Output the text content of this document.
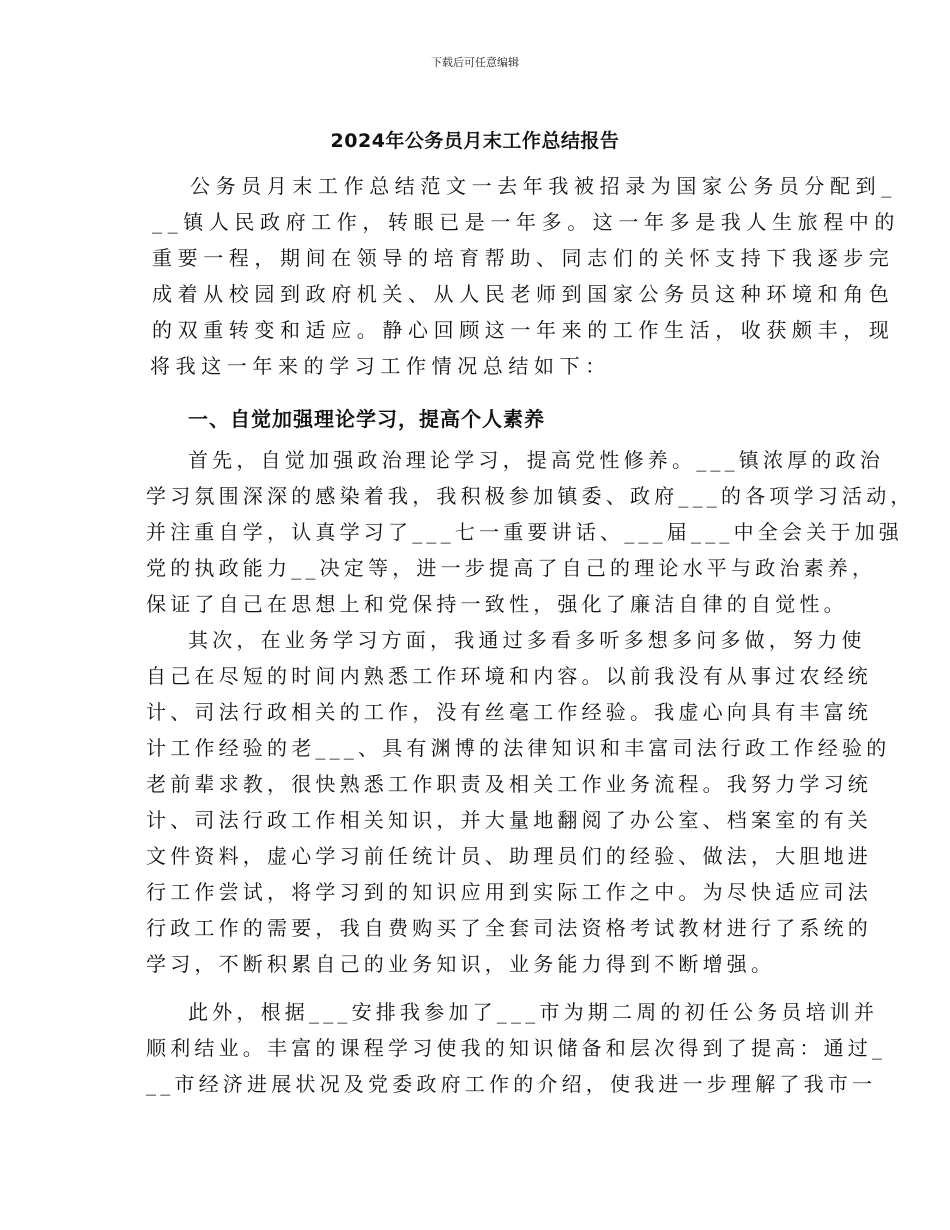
下载后可任意编辑
2024年公务员月末工作总结报告

公务员月末工作总结范文一去年我被招录为国家公务员分配到_

__镇人民政府工作，转眼已是一年多。这一年多是我人生旅程中的

重要一程，期间在领导的培育帮助、同志们的关怀支持下我逐步完

成着从校园到政府机关、从人民老师到国家公务员这种环境和角色

的双重转变和适应。静心回顾这一年来的工作生活，收获颇丰，现

将我这一年来的学习工作情况总结如下：

一、自觉加强理论学习，提高个人素养

首先，自觉加强政治理论学习，提高党性修养。___镇浓厚的政治

学习氛围深深的感染着我，我积极参加镇委、政府___的各项学习活动，

并注重自学，认真学习了___七一重要讲话、___届___中全会关于加强

党的执政能力__决定等，进一步提高了自己的理论水平与政治素养，

保证了自己在思想上和党保持一致性，强化了廉洁自律的自觉性。

其次，在业务学习方面，我通过多看多听多想多问多做，努力使

自己在尽短的时间内熟悉工作环境和内容。以前我没有从事过农经统

计、司法行政相关的工作，没有丝毫工作经验。我虚心向具有丰富统

计工作经验的老___、具有渊博的法律知识和丰富司法行政工作经验的

老前辈求教，很快熟悉工作职责及相关工作业务流程。我努力学习统

计、司法行政工作相关知识，并大量地翻阅了办公室、档案室的有关

文件资料，虚心学习前任统计员、助理员们的经验、做法，大胆地进

行工作尝试，将学习到的知识应用到实际工作之中。为尽快适应司法

行政工作的需要，我自费购买了全套司法资格考试教材进行了系统的

学习，不断积累自己的业务知识，业务能力得到不断增强。

此外，根据___安排我参加了___市为期二周的初任公务员培训并

顺利结业。丰富的课程学习使我的知识储备和层次得到了提高：通过_

__市经济进展状况及党委政府工作的介绍，使我进一步理解了我市一
